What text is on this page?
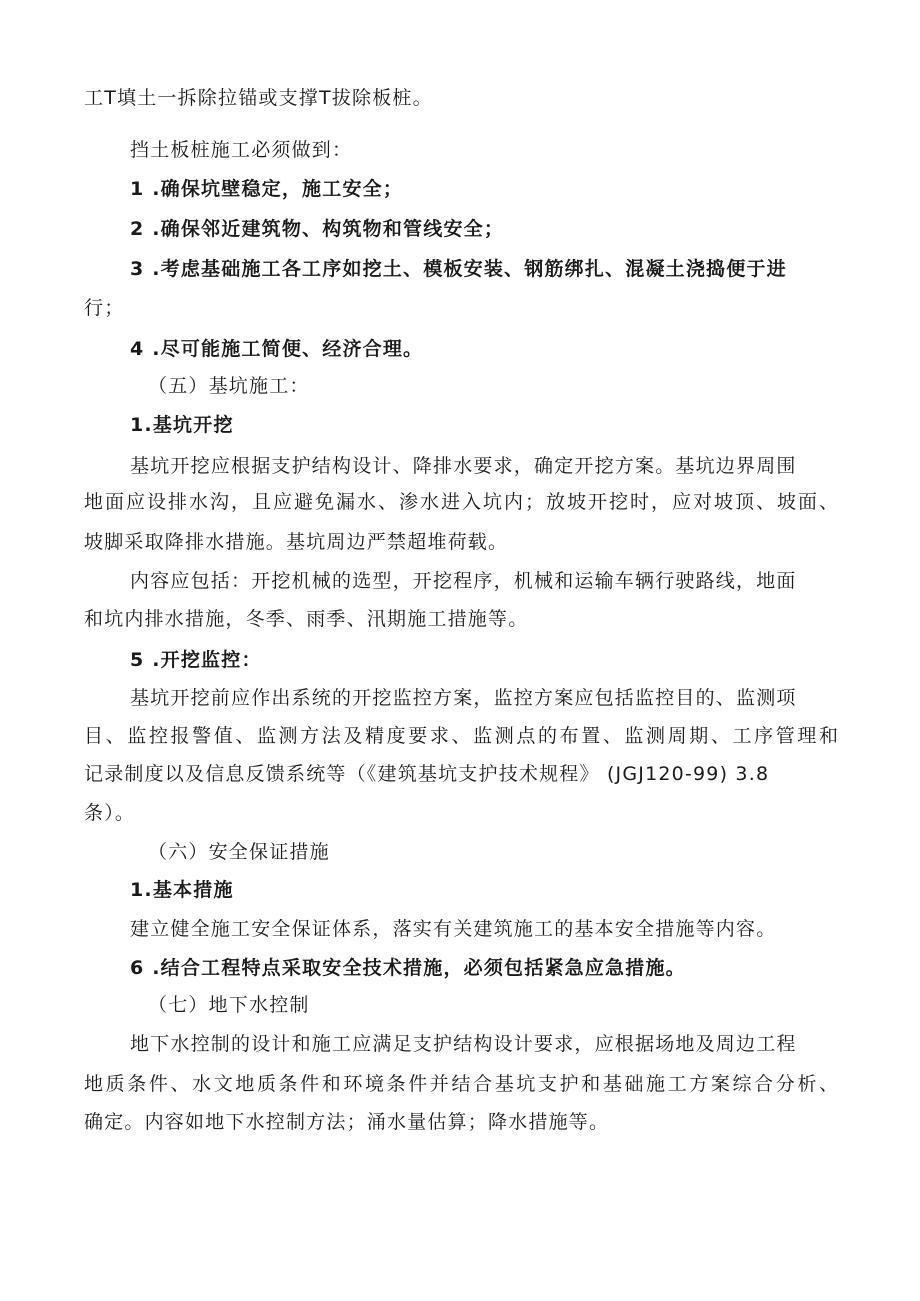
工T填土一拆除拉锚或支撑T拔除板桩。
挡土板桩施工必须做到：
1 .确保坑壁稳定，施工安全；
2 .确保邻近建筑物、构筑物和管线安全；
3 .考虑基础施工各工序如挖土、模板安装、钢筋绑扎、混凝土浇捣便于进
行；
4 .尽可能施工简便、经济合理。
（五）基坑施工：
1.基坑开挖
基坑开挖应根据支护结构设计、降排水要求，确定开挖方案。基坑边界周围
地面应设排水沟，且应避免漏水、渗水进入坑内；放坡开挖时，应对坡顶、坡面、
坡脚采取降排水措施。基坑周边严禁超堆荷载。
内容应包括：开挖机械的选型，开挖程序，机械和运输车辆行驶路线，地面
和坑内排水措施，冬季、雨季、汛期施工措施等。
5 .开挖监控：
基坑开挖前应作出系统的开挖监控方案，监控方案应包括监控目的、监测项
目、监控报警值、监测方法及精度要求、监测点的布置、监测周期、工序管理和
记录制度以及信息反馈系统等（《建筑基坑支护技术规程》 (JGJ120-99) 3.8
条）。
（六）安全保证措施
1.基本措施
建立健全施工安全保证体系，落实有关建筑施工的基本安全措施等内容。
6 .结合工程特点采取安全技术措施，必须包括紧急应急措施。
（七）地下水控制
地下水控制的设计和施工应满足支护结构设计要求，应根据场地及周边工程
地质条件、水文地质条件和环境条件并结合基坑支护和基础施工方案综合分析、
确定。内容如地下水控制方法；涌水量估算；降水措施等。
